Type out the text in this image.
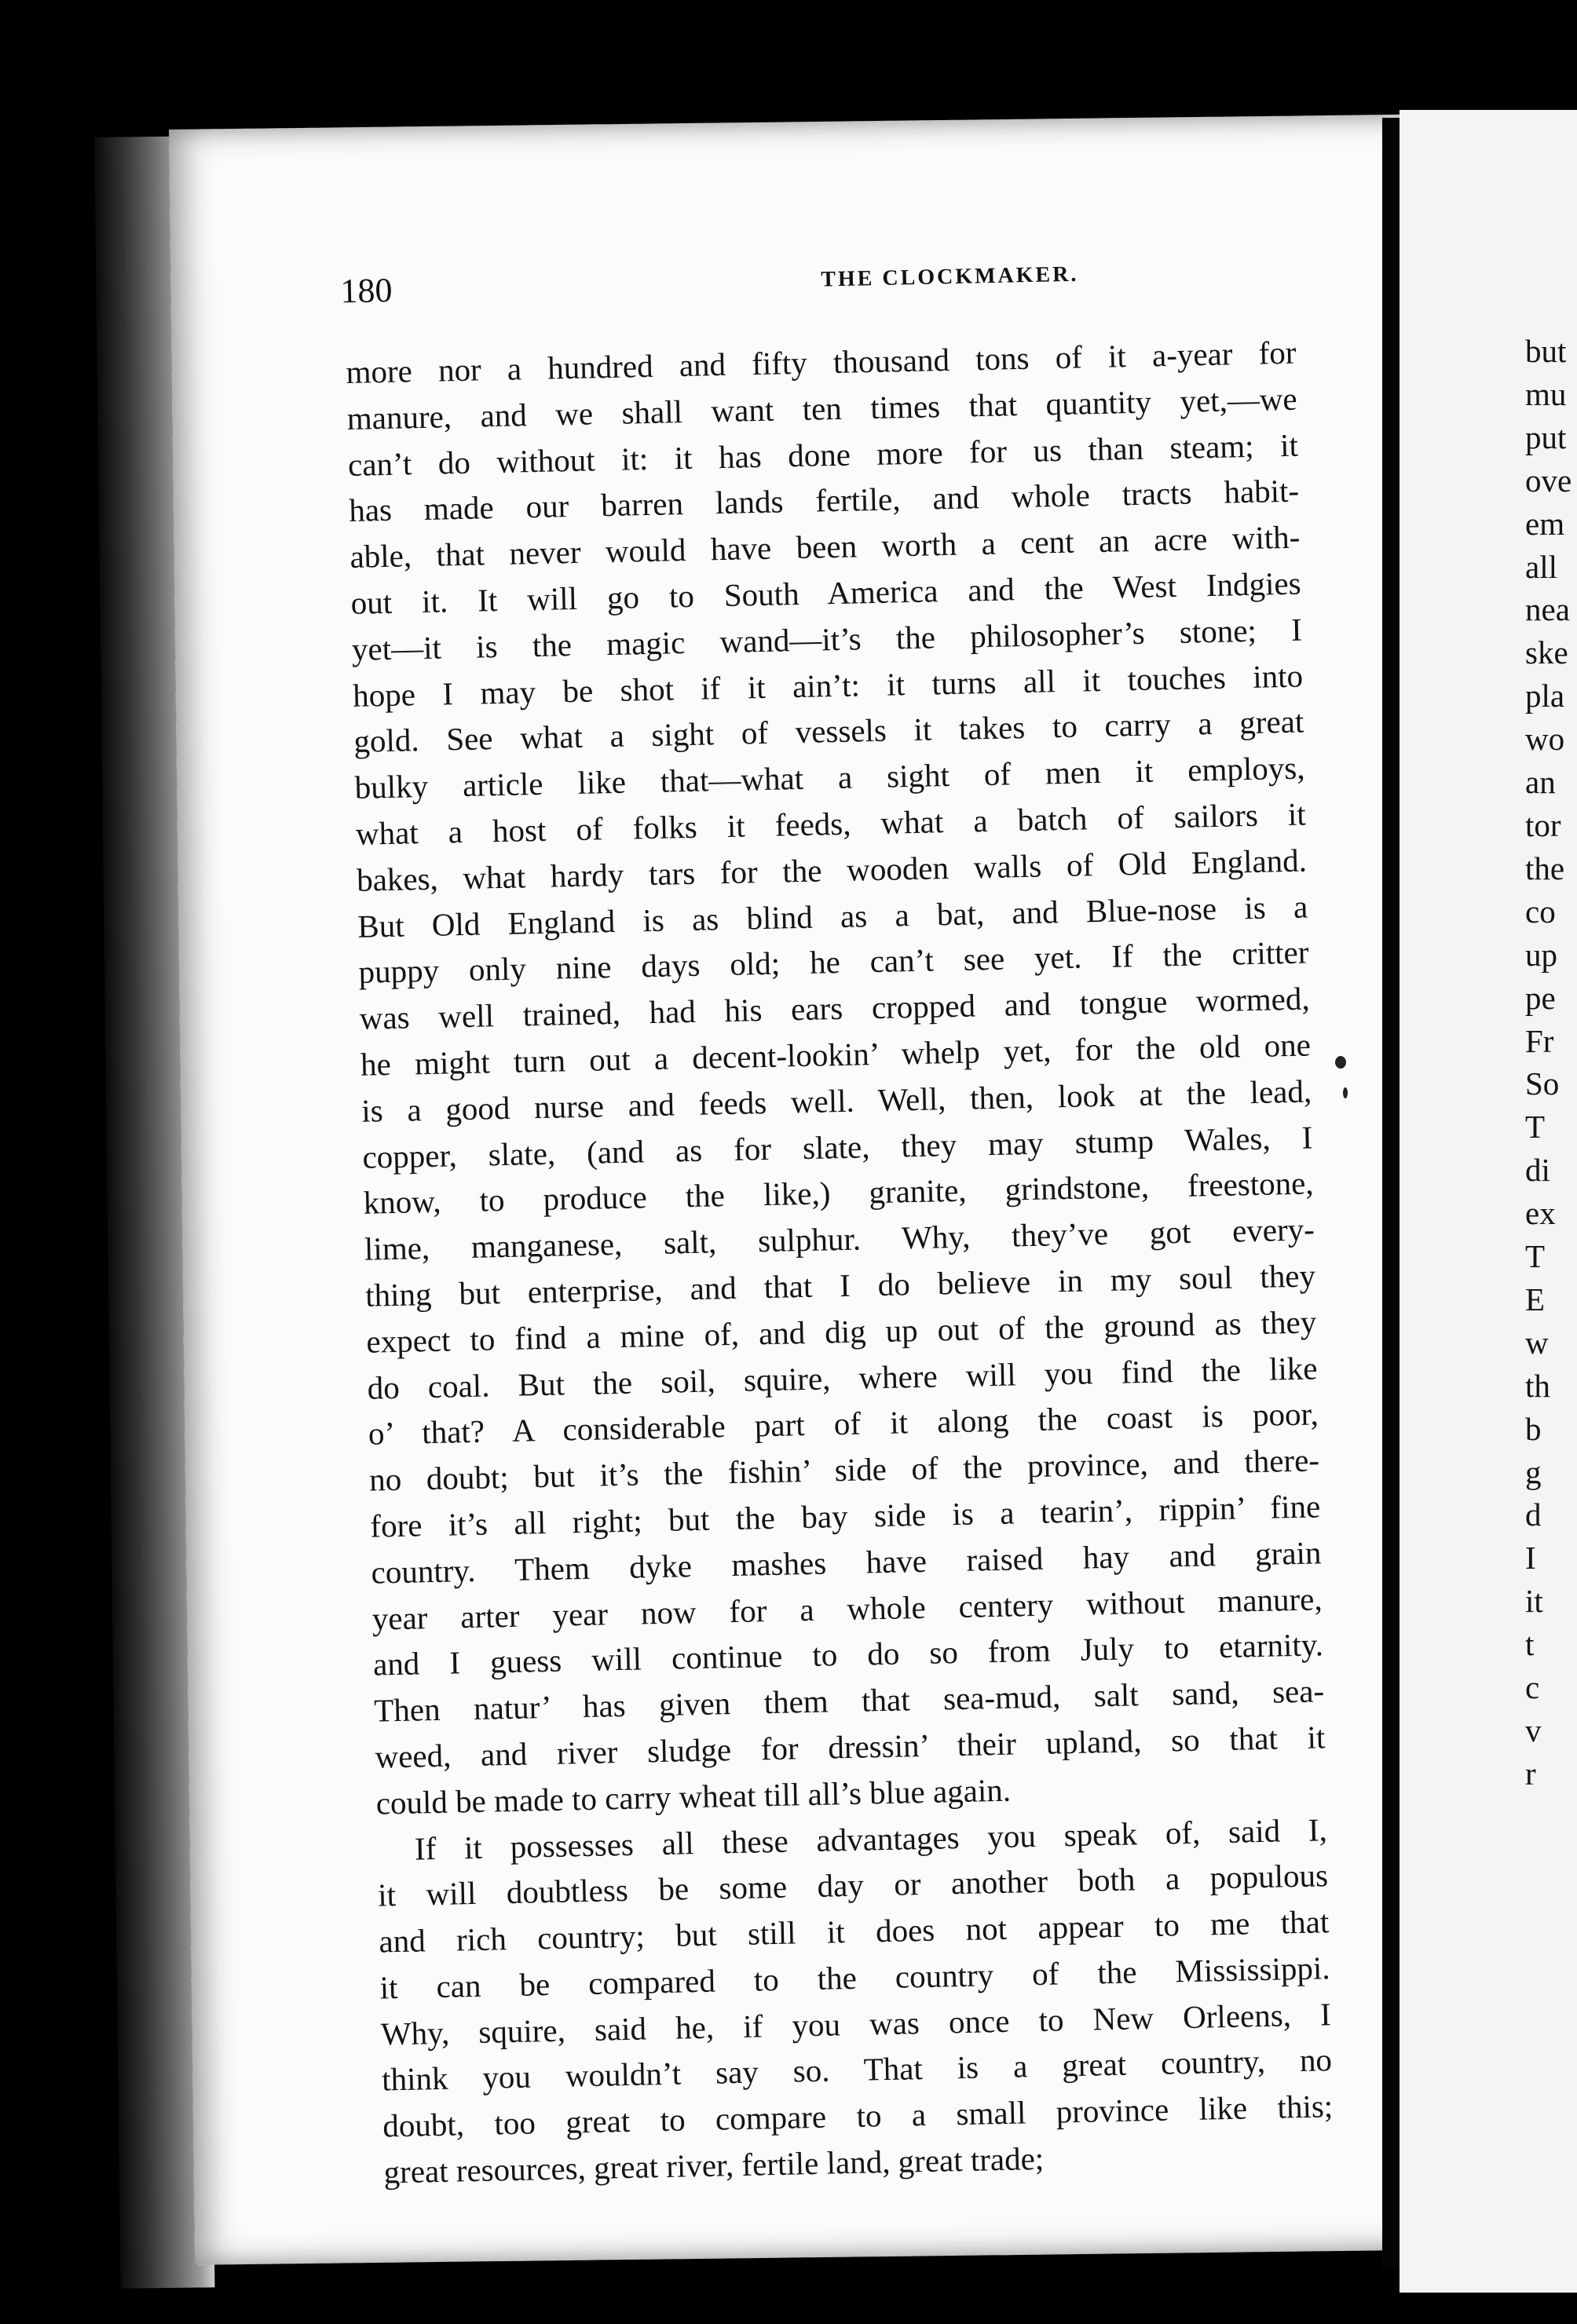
180	THE CLOCKMAKER.
more nor a hundred and fifty thousand tons of it a-year for
manure, and we shall want ten times that quantity yet,—we
can’t do without it: it has done more for us than steam; it
has made our barren lands fertile, and whole tracts habit-
able, that never would have been worth a cent an acre with-
out it. It will go to South America and the West Indgies
yet—it is the magic wand—it’s the philosopher’s stone; I
hope I may be shot if it ain’t: it turns all it touches into
gold. See what a sight of vessels it takes to carry a great
bulky article like that—what a sight of men it employs,
what a host of folks it feeds, what a batch of sailors it
bakes, what hardy tars for the wooden walls of Old England.
But Old England is as blind as a bat, and Blue-nose is a
puppy only nine days old; he can’t see yet. If the critter
was well trained, had his ears cropped and tongue wormed,
he might turn out a decent-lookin’ whelp yet, for the old one
is a good nurse and feeds well. Well, then, look at the lead,
copper, slate, (and as for slate, they may stump Wales, I
know, to produce the like,) granite, grindstone, freestone,
lime, manganese, salt, sulphur. Why, they’ve got every-
thing but enterprise, and that I do believe in my soul they
expect to find a mine of, and dig up out of the ground as they
do coal. But the soil, squire, where will you find the like
o’ that? A considerable part of it along the coast is poor,
no doubt; but it’s the fishin’ side of the province, and there-
fore it’s all right; but the bay side is a tearin’, rippin’ fine
country. Them dyke mashes have raised hay and grain
year arter year now for a whole centery without manure,
and I guess will continue to do so from July to etarnity.
Then natur’ has given them that sea-mud, salt sand, sea-
weed, and river sludge for dressin’ their upland, so that it
could be made to carry wheat till all’s blue again.
If it possesses all these advantages you speak of, said I,
it will doubtless be some day or another both a populous
and rich country; but still it does not appear to me that
it can be compared to the country of the Mississippi.
Why, squire, said he, if you was once to New Orleens, I
think you wouldn’t say so. That is a great country, no
doubt, too great to compare to a small province like this;
great resources, great river, fertile land, great trade;
but
mu
put
ove
em
all
nea
ske
pla
wo
an
tor
the
co
up
pe
Fr
So
T
di
ex
T
E
w
th
b
g
d
I
it
t
c
v
r
